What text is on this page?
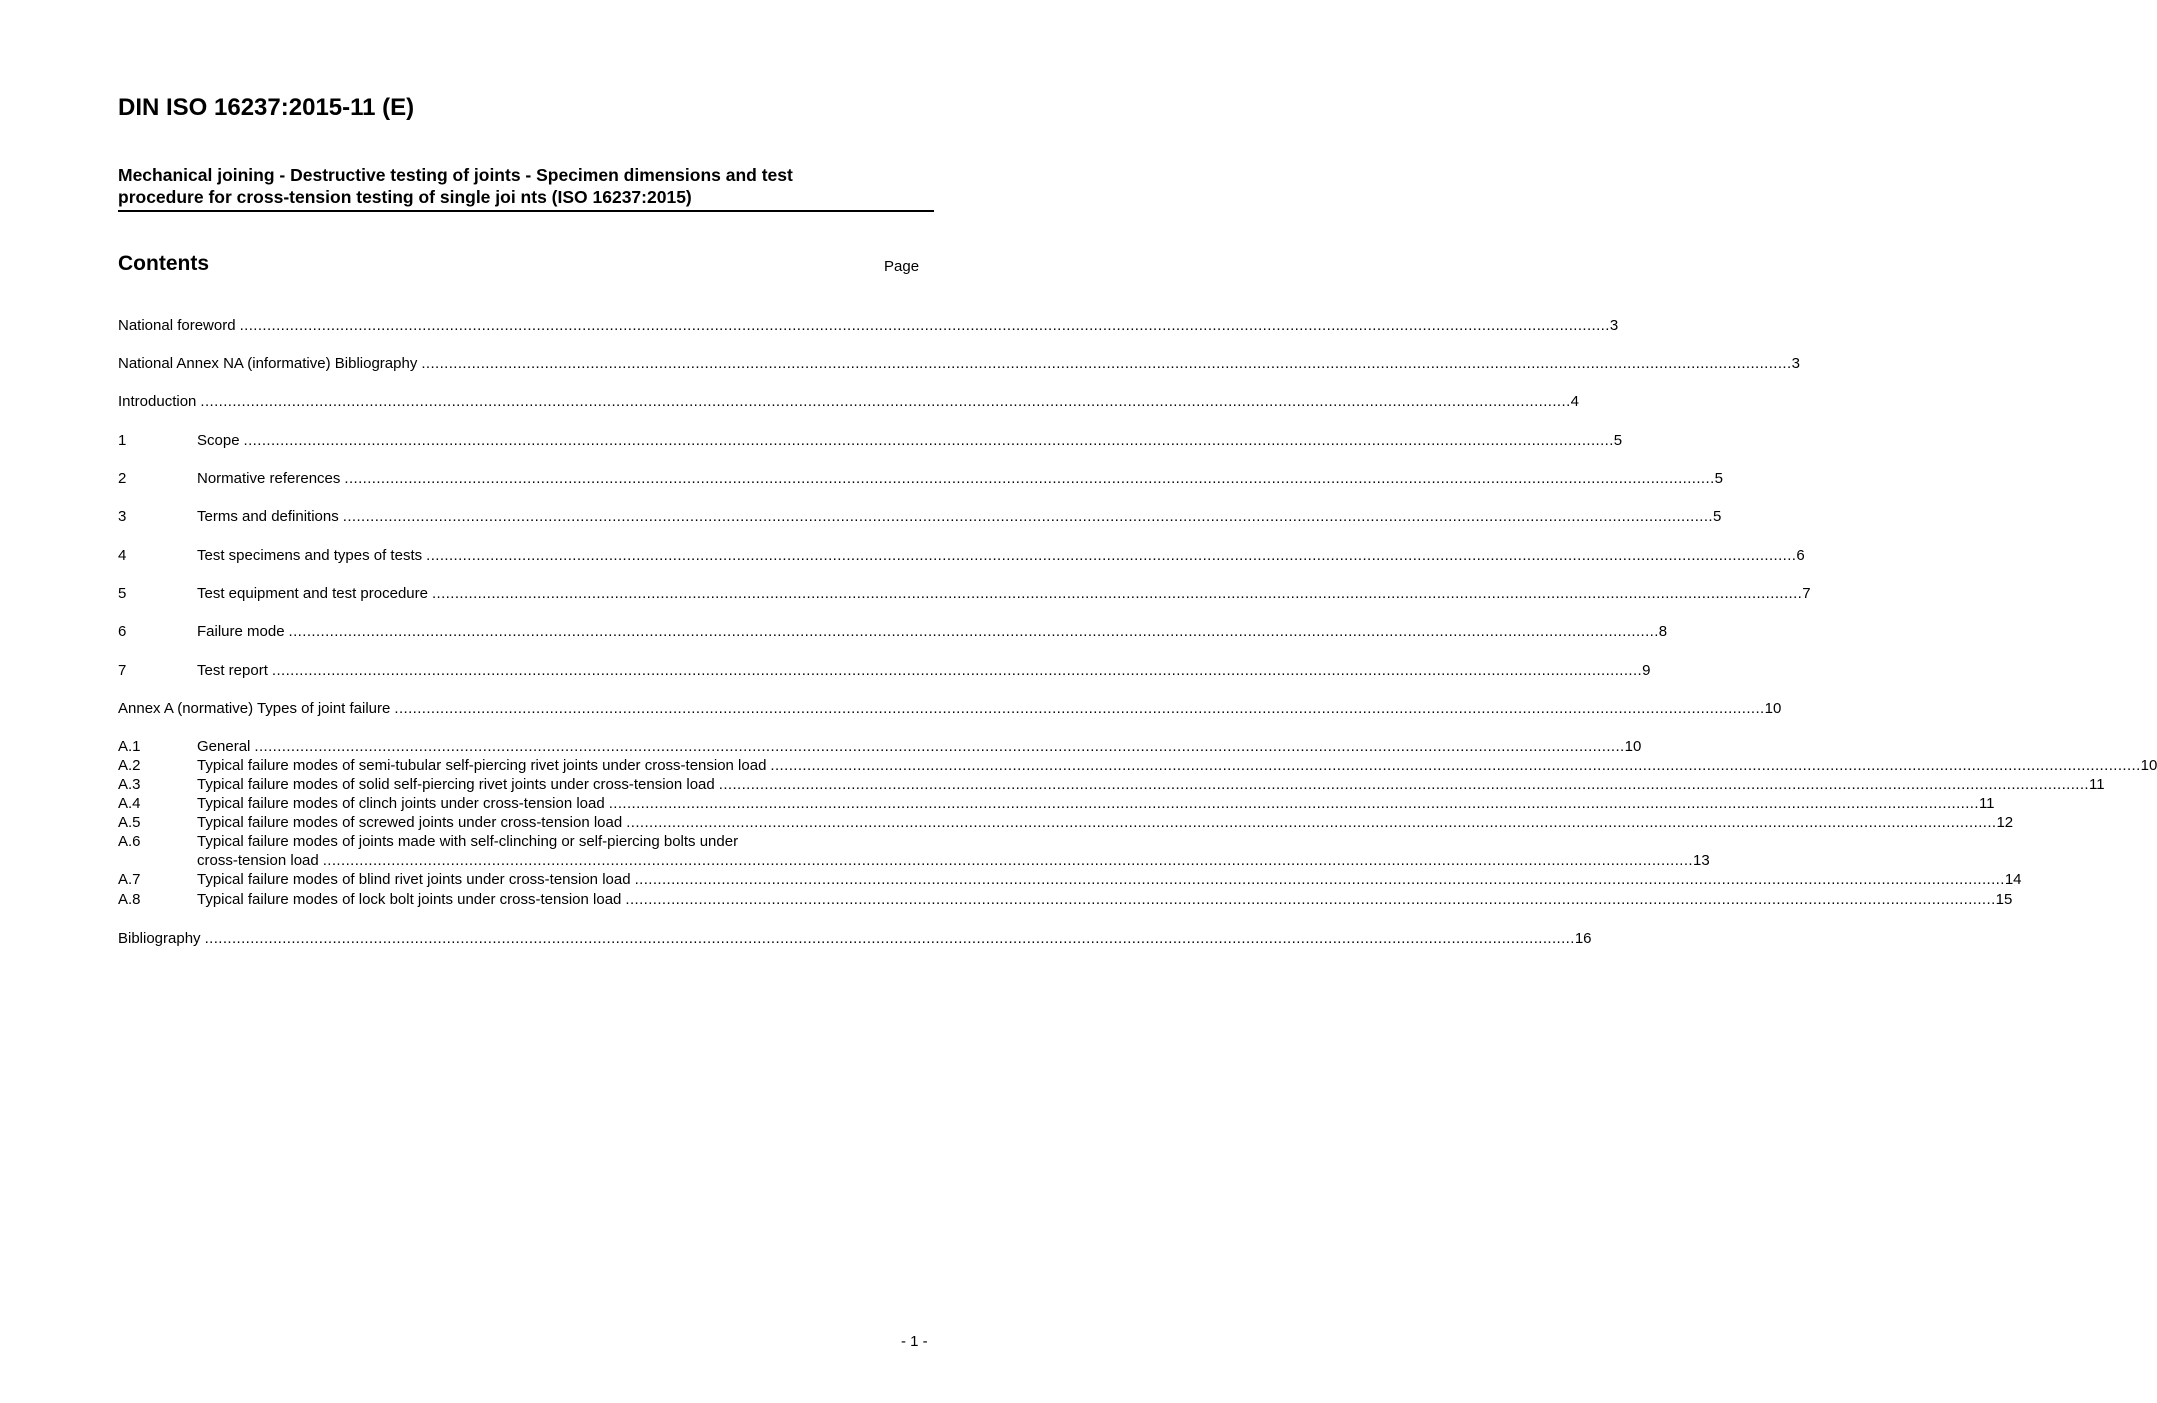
DIN ISO 16237:2015-11 (E)
Mechanical joining - Destructive testing of joints - Specimen dimensions and test
procedure for cross-tension testing of single joi nts (ISO 16237:2015)
Contents	Page
National foreword ............................................................................................................................................................................................................................................................................................................ 3
National Annex NA (informative) Bibliography ............................................................................................................................................................................................................................................................................................................ 3
Introduction ............................................................................................................................................................................................................................................................................................................ 4
1	Scope ............................................................................................................................................................................................................................................................................................................ 5
2	Normative references ............................................................................................................................................................................................................................................................................................................ 5
3	Terms and definitions ............................................................................................................................................................................................................................................................................................................ 5
4	Test specimens and types of tests ............................................................................................................................................................................................................................................................................................................ 6
5	Test equipment and test procedure ............................................................................................................................................................................................................................................................................................................ 7
6	Failure mode ............................................................................................................................................................................................................................................................................................................ 8
7	Test report ............................................................................................................................................................................................................................................................................................................ 9
Annex A (normative) Types of joint failure ............................................................................................................................................................................................................................................................................................................ 10
A.1	General ............................................................................................................................................................................................................................................................................................................ 10
A.2	Typical failure modes of semi-tubular self-piercing rivet joints under cross-tension load ............................................................................................................................................................................................................................................................................................................ 10
A.3	Typical failure modes of solid self-piercing rivet joints under cross-tension load ............................................................................................................................................................................................................................................................................................................ 11
A.4	Typical failure modes of clinch joints under cross-tension load ............................................................................................................................................................................................................................................................................................................ 11
A.5	Typical failure modes of screwed joints under cross-tension load ............................................................................................................................................................................................................................................................................................................ 12
A.6	Typical failure modes of joints made with self-clinching or self-piercing bolts under
cross-tension load ............................................................................................................................................................................................................................................................................................................ 13
A.7	Typical failure modes of blind rivet joints under cross-tension load ............................................................................................................................................................................................................................................................................................................ 14
A.8	Typical failure modes of lock bolt joints under cross-tension load ............................................................................................................................................................................................................................................................................................................ 15
Bibliography ............................................................................................................................................................................................................................................................................................................ 16
- 1 -
